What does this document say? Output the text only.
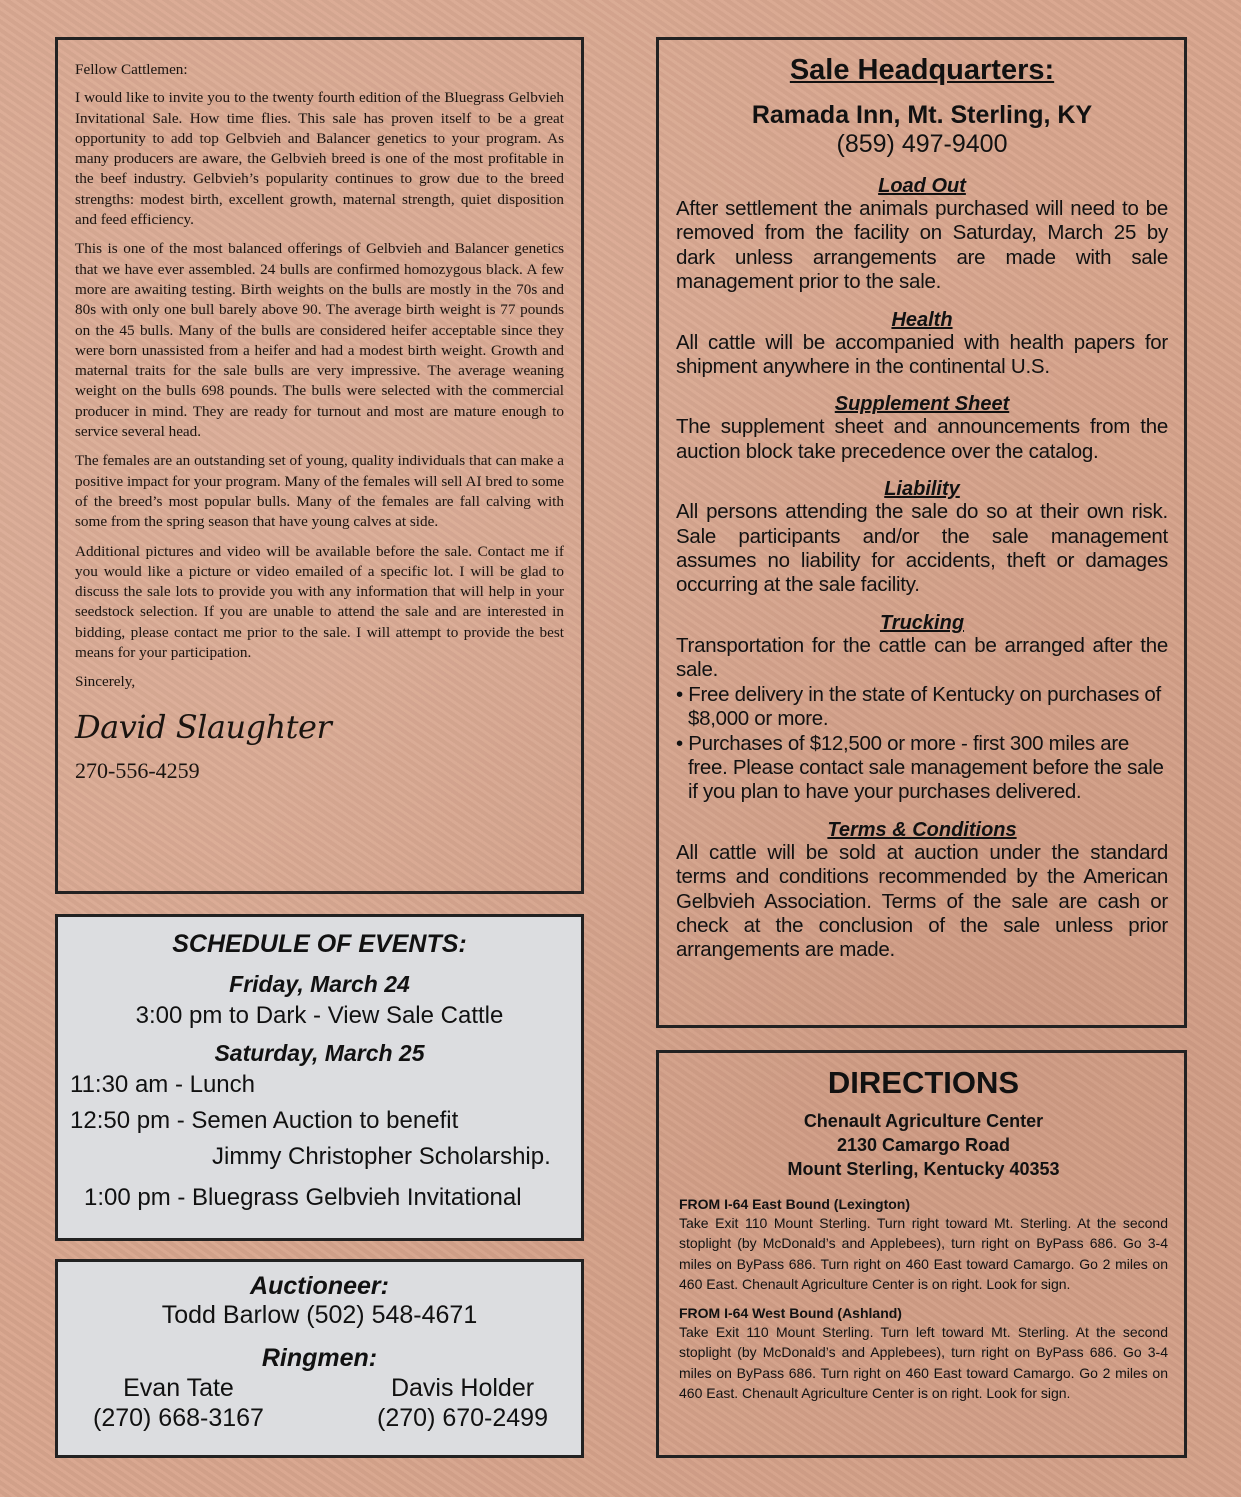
Fellow Cattlemen:

I would like to invite you to the twenty fourth edition of the Bluegrass Gelbvieh Invitational Sale. How time flies. This sale has proven itself to be a great opportunity to add top Gelbvieh and Balancer genetics to your program. As many producers are aware, the Gelbvieh breed is one of the most profitable in the beef industry. Gelbvieh’s popularity continues to grow due to the breed strengths: modest birth, excellent growth, maternal strength, quiet disposition and feed efficiency.

This is one of the most balanced offerings of Gelbvieh and Balancer genetics that we have ever assembled. 24 bulls are confirmed homozygous black. A few more are awaiting testing. Birth weights on the bulls are mostly in the 70s and 80s with only one bull barely above 90. The average birth weight is 77 pounds on the 45 bulls. Many of the bulls are considered heifer acceptable since they were born unassisted from a heifer and had a modest birth weight. Growth and maternal traits for the sale bulls are very impressive. The average weaning weight on the bulls 698 pounds. The bulls were selected with the commercial producer in mind. They are ready for turnout and most are mature enough to service several head.

The females are an outstanding set of young, quality individuals that can make a positive impact for your program. Many of the females will sell AI bred to some of the breed’s most popular bulls. Many of the females are fall calving with some from the spring season that have young calves at side.

Additional pictures and video will be available before the sale. Contact me if you would like a picture or video emailed of a specific lot. I will be glad to discuss the sale lots to provide you with any information that will help in your seedstock selection. If you are unable to attend the sale and are interested in bidding, please contact me prior to the sale. I will attempt to provide the best means for your participation.

Sincerely,

David Slaughter
270-556-4259
SCHEDULE OF EVENTS:
Friday, March 24
3:00 pm to Dark - View Sale Cattle
Saturday, March 25
11:30 am - Lunch
12:50 pm - Semen Auction to benefit
Jimmy Christopher Scholarship.
1:00 pm - Bluegrass Gelbvieh Invitational
Auctioneer:
Todd Barlow (502) 548-4671
Ringmen:
Evan Tate
(270) 668-3167
Davis Holder
(270) 670-2499
Sale Headquarters:
Ramada Inn, Mt. Sterling, KY
(859) 497-9400
Load Out
After settlement the animals purchased will need to be removed from the facility on Saturday, March 25 by dark unless arrangements are made with sale management prior to the sale.
Health
All cattle will be accompanied with health papers for shipment anywhere in the continental U.S.
Supplement Sheet
The supplement sheet and announcements from the auction block take precedence over the catalog.
Liability
All persons attending the sale do so at their own risk. Sale participants and/or the sale management assumes no liability for accidents, theft or damages occurring at the sale facility.
Trucking
Transportation for the cattle can be arranged after the sale.
• Free delivery in the state of Kentucky on purchases of $8,000 or more.
• Purchases of $12,500 or more - first 300 miles are free. Please contact sale management before the sale if you plan to have your purchases delivered.
Terms & Conditions
All cattle will be sold at auction under the standard terms and conditions recommended by the American Gelbvieh Association. Terms of the sale are cash or check at the conclusion of the sale unless prior arrangements are made.
DIRECTIONS
Chenault Agriculture Center
2130 Camargo Road
Mount Sterling, Kentucky 40353
FROM I-64 East Bound (Lexington)
Take Exit 110 Mount Sterling. Turn right toward Mt. Sterling. At the second stoplight (by McDonald’s and Applebees), turn right on ByPass 686. Go 3-4 miles on ByPass 686. Turn right on 460 East toward Camargo. Go 2 miles on 460 East. Chenault Agriculture Center is on right. Look for sign.
FROM I-64 West Bound (Ashland)
Take Exit 110 Mount Sterling. Turn left toward Mt. Sterling. At the second stoplight (by McDonald’s and Applebees), turn right on ByPass 686. Go 3-4 miles on ByPass 686. Turn right on 460 East toward Camargo. Go 2 miles on 460 East. Chenault Agriculture Center is on right. Look for sign.
